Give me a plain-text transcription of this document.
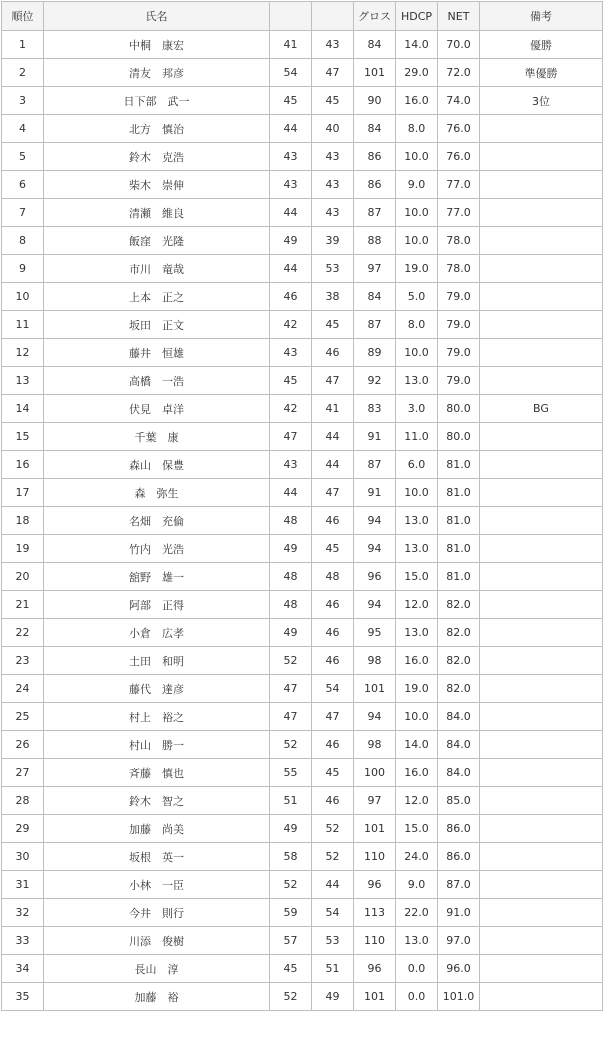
順位	氏名			グロス	HDCP	NET	備考
1	中桐　康宏	41	43	84	14.0	70.0	優勝
2	清友　邦彦	54	47	101	29.0	72.0	準優勝
3	日下部　武一	45	45	90	16.0	74.0	3位
4	北方　慎治	44	40	84	8.0	76.0	
5	鈴木　克浩	43	43	86	10.0	76.0	
6	柴木　崇伸	43	43	86	9.0	77.0	
7	清瀬　維良	44	43	87	10.0	77.0	
8	飯窪　光隆	49	39	88	10.0	78.0	
9	市川　竜哉	44	53	97	19.0	78.0	
10	上本　正之	46	38	84	5.0	79.0	
11	坂田　正文	42	45	87	8.0	79.0	
12	藤井　恒雄	43	46	89	10.0	79.0	
13	高橋　一浩	45	47	92	13.0	79.0	
14	伏見　卓洋	42	41	83	3.0	80.0	BG
15	千葉　康	47	44	91	11.0	80.0	
16	森山　保豊	43	44	87	6.0	81.0	
17	森　弥生	44	47	91	10.0	81.0	
18	名畑　充倫	48	46	94	13.0	81.0	
19	竹内　光浩	49	45	94	13.0	81.0	
20	舘野　雄一	48	48	96	15.0	81.0	
21	阿部　正得	48	46	94	12.0	82.0	
22	小倉　広孝	49	46	95	13.0	82.0	
23	土田　和明	52	46	98	16.0	82.0	
24	藤代　達彦	47	54	101	19.0	82.0	
25	村上　裕之	47	47	94	10.0	84.0	
26	村山　勝一	52	46	98	14.0	84.0	
27	斉藤　慎也	55	45	100	16.0	84.0	
28	鈴木　智之	51	46	97	12.0	85.0	
29	加藤　尚美	49	52	101	15.0	86.0	
30	坂根　英一	58	52	110	24.0	86.0	
31	小林　一臣	52	44	96	9.0	87.0	
32	今井　則行	59	54	113	22.0	91.0	
33	川添　俊樹	57	53	110	13.0	97.0	
34	長山　淳	45	51	96	0.0	96.0	
35	加藤　裕	52	49	101	0.0	101.0	
